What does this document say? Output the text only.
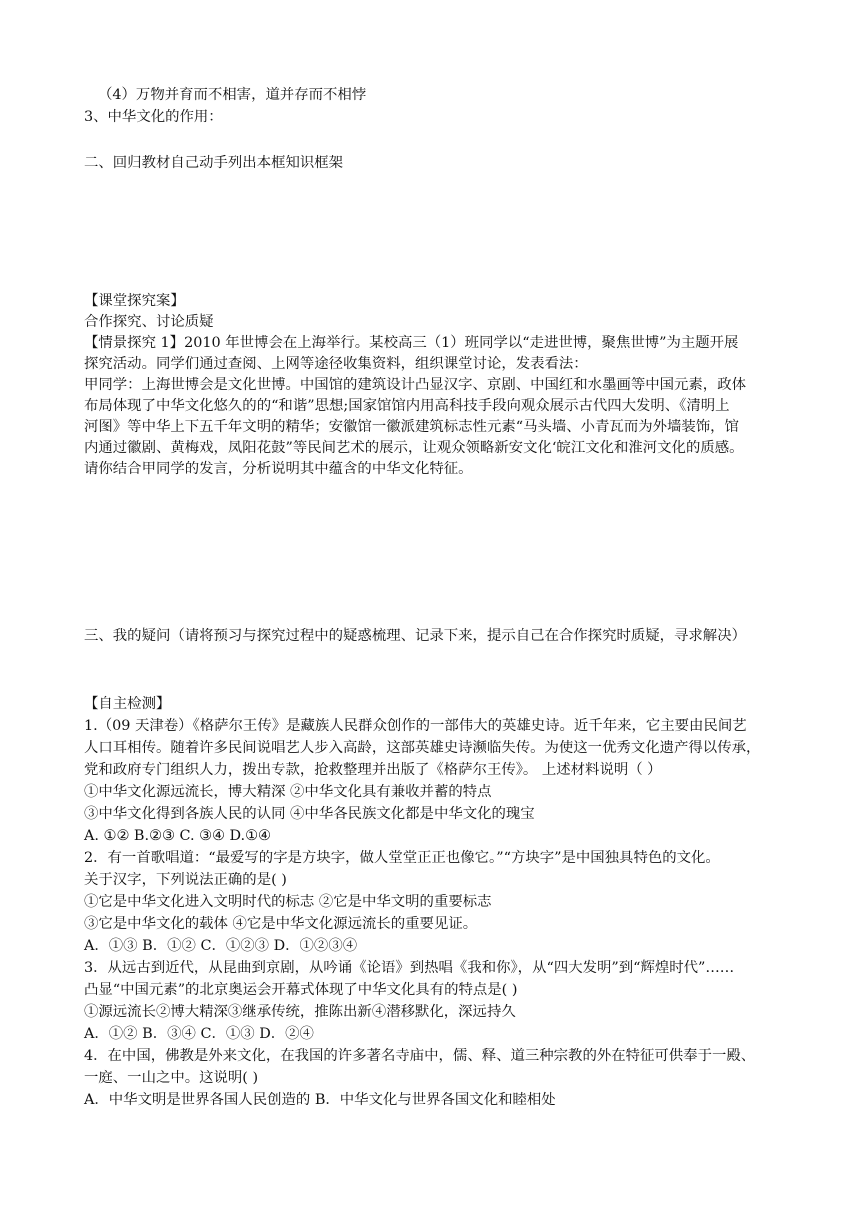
（4）万物并育而不相害，道并存而不相悖
3、中华文化的作用：
二、回归教材自己动手列出本框知识框架
【课堂探究案】
合作探究、讨论质疑
【情景探究 1】2010 年世博会在上海举行。某校高三（1）班同学以“走进世博，聚焦世博”为主题开展
探究活动。同学们通过查阅、上网等途径收集资料，组织课堂讨论，发表看法：
甲同学：上海世博会是文化世博。中国馆的建筑设计凸显汉字、京剧、中国红和水墨画等中国元素，政体
布局体现了中华文化悠久的的“和谐”思想;国家馆馆内用高科技手段向观众展示古代四大发明、《清明上
河图》等中华上下五千年文明的精华；安徽馆一徽派建筑标志性元素“马头墙、小青瓦而为外墙装饰，馆
内通过徽剧、黄梅戏，凤阳花鼓”等民间艺术的展示，让观众领略新安文化‘皖江文化和淮河文化的质感。
请你结合甲同学的发言，分析说明其中蕴含的中华文化特征。
三、我的疑问（请将预习与探究过程中的疑惑梳理、记录下来，提示自己在合作探究时质疑，寻求解决）
【自主检测】
1.（09 天津卷）《格萨尔王传》是藏族人民群众创作的一部伟大的英雄史诗。近千年来，它主要由民间艺
人口耳相传。随着许多民间说唱艺人步入高龄，这部英雄史诗濒临失传。为使这一优秀文化遗产得以传承，
党和政府专门组织人力，拨出专款，抢救整理并出版了《格萨尔王传》。 上述材料说明（ ）
①中华文化源远流长，博大精深 ②中华文化具有兼收并蓄的特点
③中华文化得到各族人民的认同 ④中华各民族文化都是中华文化的瑰宝
A. ①② B.②③ C. ③④ D.①④
2．有一首歌唱道：“最爱写的字是方块字，做人堂堂正正也像它。”“方块字”是中国独具特色的文化。
关于汉字，下列说法正确的是( )
①它是中华文化进入文明时代的标志 ②它是中华文明的重要标志
③它是中华文化的载体 ④它是中华文化源远流长的重要见证。
A．①③ B．①② C．①②③ D．①②③④
3．从远古到近代，从昆曲到京剧，从吟诵《论语》到热唱《我和你》，从“四大发明”到“辉煌时代”……
凸显“中国元素”的北京奥运会开幕式体现了中华文化具有的特点是( )
①源远流长②博大精深③继承传统，推陈出新④潜移默化，深远持久
A．①② B．③④ C．①③ D．②④
4．在中国，佛教是外来文化，在我国的许多著名寺庙中，儒、释、道三种宗教的外在特征可供奉于一殿、
一庭、一山之中。这说明( )
A．中华文明是世界各国人民创造的 B．中华文化与世界各国文化和睦相处
